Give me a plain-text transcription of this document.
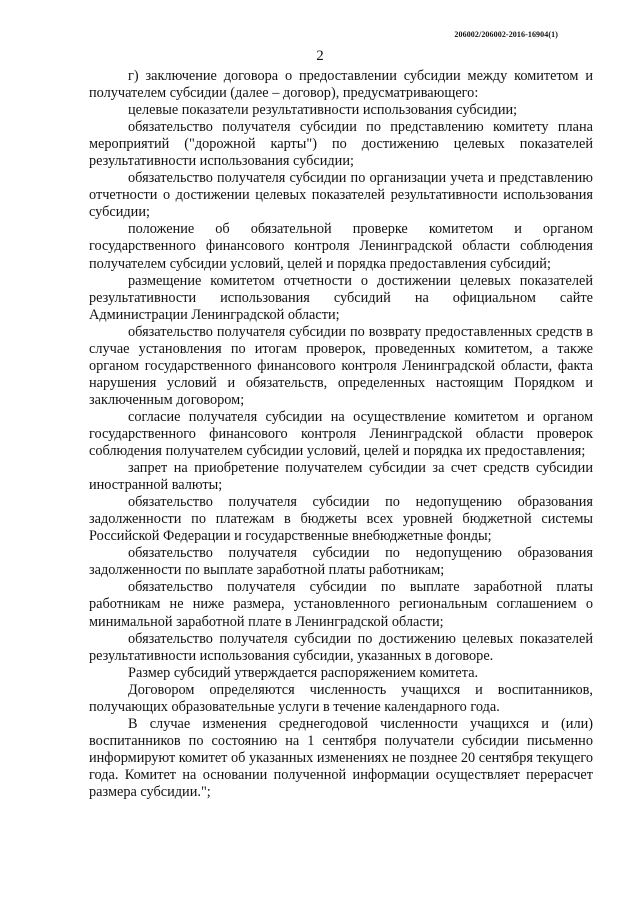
206002/206002-2016-16904(1)
2

г) заключение договора о предоставлении субсидии между комитетом и получателем субсидии (далее – договор), предусматривающего:

целевые показатели результативности использования субсидии;

обязательство получателя субсидии по представлению комитету плана мероприятий ("дорожной карты") по достижению целевых показателей результативности использования субсидии;

обязательство получателя субсидии по организации учета и представлению отчетности о достижении целевых показателей результативности использования субсидии;

положение об обязательной проверке комитетом и органом государственного финансового контроля Ленинградской области соблюдения получателем субсидии условий, целей и порядка предоставления субсидий;

размещение комитетом отчетности о достижении целевых показателей результативности использования субсидий на официальном сайте Администрации Ленинградской области;

обязательство получателя субсидии по возврату предоставленных средств в случае установления по итогам проверок, проведенных комитетом, а также органом государственного финансового контроля Ленинградской области, факта нарушения условий и обязательств, определенных настоящим Порядком и заключенным договором;

согласие получателя субсидии на осуществление комитетом и органом государственного финансового контроля Ленинградской области проверок соблюдения получателем субсидии условий, целей и порядка их предоставления;

запрет на приобретение получателем субсидии за счет средств субсидии иностранной валюты;

обязательство получателя субсидии по недопущению образования задолженности по платежам в бюджеты всех уровней бюджетной системы Российской Федерации и государственные внебюджетные фонды;

обязательство получателя субсидии по недопущению образования задолженности по выплате заработной платы работникам;

обязательство получателя субсидии по выплате заработной платы работникам не ниже размера, установленного региональным соглашением о минимальной заработной плате в Ленинградской области;

обязательство получателя субсидии по достижению целевых показателей результативности использования субсидии, указанных в договоре.

Размер субсидий утверждается распоряжением комитета.

Договором определяются численность учащихся и воспитанников, получающих образовательные услуги в течение календарного года.

В случае изменения среднегодовой численности учащихся и (или) воспитанников по состоянию на 1 сентября получатели субсидии письменно информируют комитет об указанных изменениях не позднее 20 сентября текущего года. Комитет на основании полученной информации осуществляет перерасчет размера субсидии.";
